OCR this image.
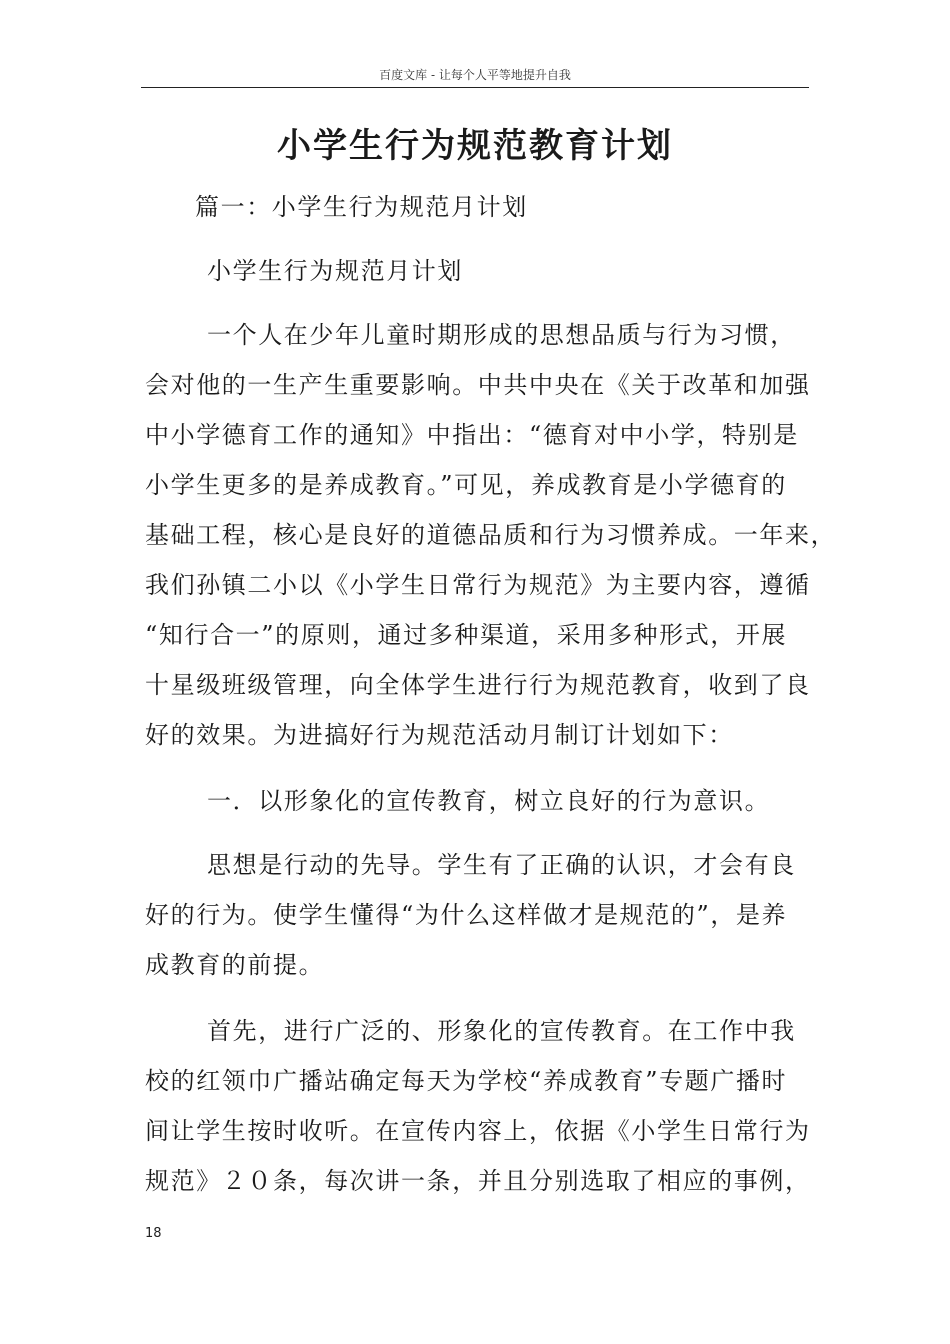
百度文库 - 让每个人平等地提升自我
小学生行为规范教育计划
篇一：小学生行为规范月计划
小学生行为规范月计划
一个人在少年儿童时期形成的思想品质与行为习惯，
会对他的一生产生重要影响。中共中央在《关于改革和加强
中小学德育工作的通知》中指出：“德育对中小学，特别是
小学生更多的是养成教育。”可见，养成教育是小学德育的
基础工程，核心是良好的道德品质和行为习惯养成。一年来，
我们孙镇二小以《小学生日常行为规范》为主要内容，遵循
“知行合一”的原则，通过多种渠道，采用多种形式，开展
十星级班级管理，向全体学生进行行为规范教育，收到了良
好的效果。为进搞好行为规范活动月制订计划如下：
一．以形象化的宣传教育，树立良好的行为意识。
思想是行动的先导。学生有了正确的认识，才会有良
好的行为。使学生懂得“为什么这样做才是规范的”，是养
成教育的前提。
首先，进行广泛的、形象化的宣传教育。在工作中我
校的红领巾广播站确定每天为学校“养成教育”专题广播时
间让学生按时收听。在宣传内容上，依据《小学生日常行为
规范》２０条，每次讲一条，并且分别选取了相应的事例，
18
